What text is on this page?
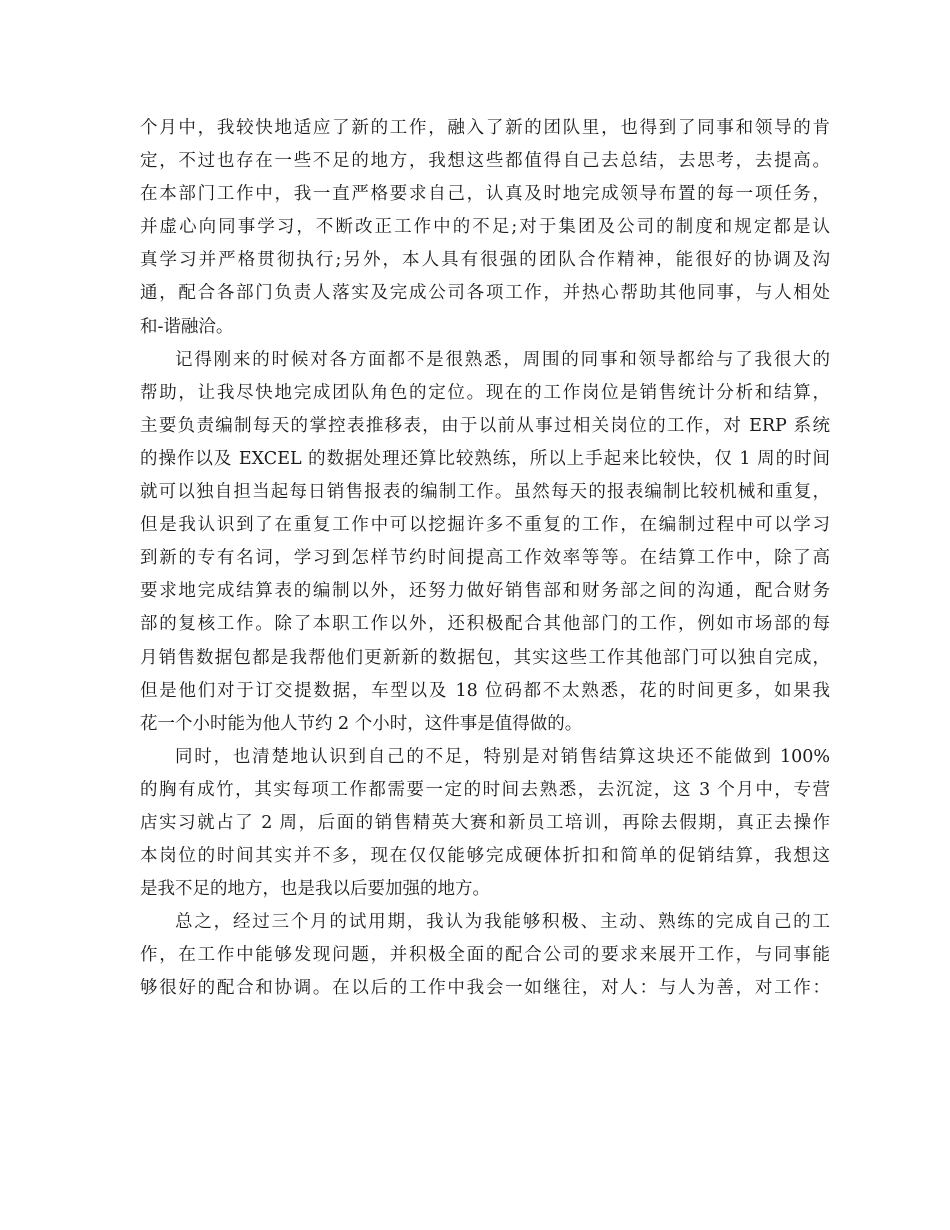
个月中，我较快地适应了新的工作，融入了新的团队里，也得到了同事和领导的肯
定，不过也存在一些不足的地方，我想这些都值得自己去总结，去思考，去提高。
在本部门工作中，我一直严格要求自己，认真及时地完成领导布置的每一项任务，
并虚心向同事学习，不断改正工作中的不足;对于集团及公司的制度和规定都是认
真学习并严格贯彻执行;另外，本人具有很强的团队合作精神，能很好的协调及沟
通，配合各部门负责人落实及完成公司各项工作，并热心帮助其他同事，与人相处
和-谐融洽。
记得刚来的时候对各方面都不是很熟悉，周围的同事和领导都给与了我很大的
帮助，让我尽快地完成团队角色的定位。现在的工作岗位是销售统计分析和结算，
主要负责编制每天的掌控表推移表，由于以前从事过相关岗位的工作，对 ERP 系统
的操作以及 EXCEL 的数据处理还算比较熟练，所以上手起来比较快，仅 1 周的时间
就可以独自担当起每日销售报表的编制工作。虽然每天的报表编制比较机械和重复，
但是我认识到了在重复工作中可以挖掘许多不重复的工作，在编制过程中可以学习
到新的专有名词，学习到怎样节约时间提高工作效率等等。在结算工作中，除了高
要求地完成结算表的编制以外，还努力做好销售部和财务部之间的沟通，配合财务
部的复核工作。除了本职工作以外，还积极配合其他部门的工作，例如市场部的每
月销售数据包都是我帮他们更新新的数据包，其实这些工作其他部门可以独自完成，
但是他们对于订交提数据，车型以及 18 位码都不太熟悉，花的时间更多，如果我
花一个小时能为他人节约 2 个小时，这件事是值得做的。
同时，也清楚地认识到自己的不足，特别是对销售结算这块还不能做到 100%
的胸有成竹，其实每项工作都需要一定的时间去熟悉，去沉淀，这 3 个月中，专营
店实习就占了 2 周，后面的销售精英大赛和新员工培训，再除去假期，真正去操作
本岗位的时间其实并不多，现在仅仅能够完成硬体折扣和简单的促销结算，我想这
是我不足的地方，也是我以后要加强的地方。
总之，经过三个月的试用期，我认为我能够积极、主动、熟练的完成自己的工
作，在工作中能够发现问题，并积极全面的配合公司的要求来展开工作，与同事能
够很好的配合和协调。在以后的工作中我会一如继往，对人：与人为善，对工作：
